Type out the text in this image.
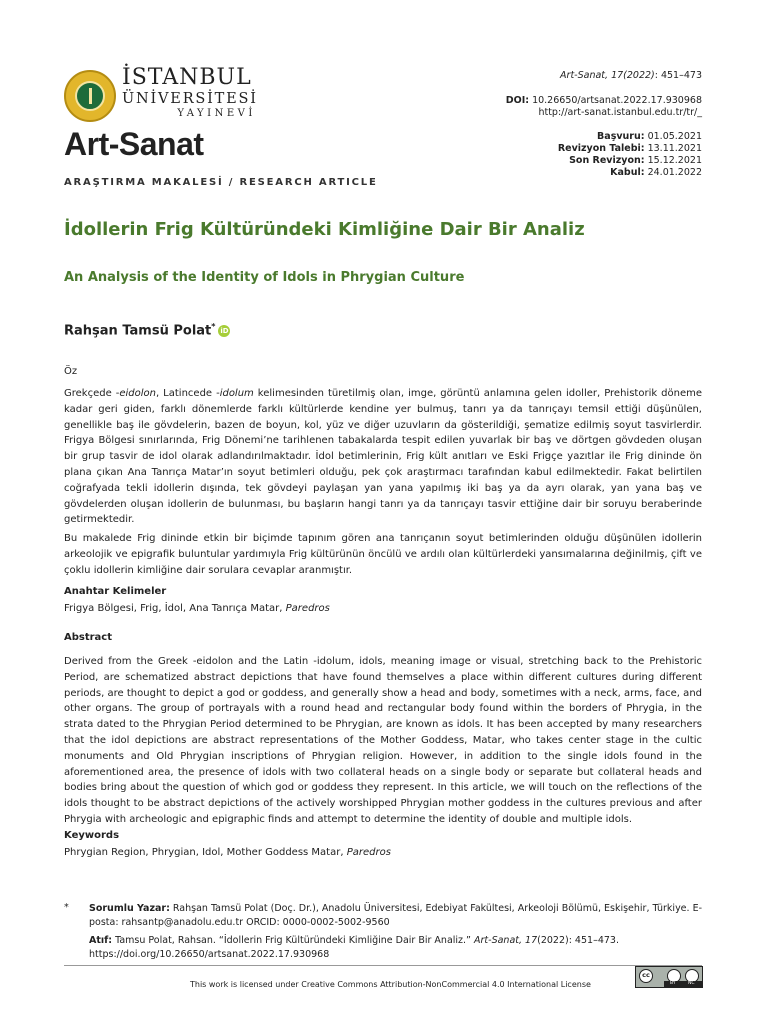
İSTANBUL
ÜNİVERSİTESİ
YAYINEVİ
Art-Sanat
ARAŞTIRMA MAKALESİ / RESEARCH ARTICLE
Art-Sanat, 17(2022): 451–473
DOI: 10.26650/artsanat.2022.17.930968
http://art-sanat.istanbul.edu.tr/tr/_
Başvuru: 01.05.2021
Revizyon Talebi: 13.11.2021
Son Revizyon: 15.12.2021
Kabul: 24.01.2022
İdollerin Frig Kültüründeki Kimliğine Dair Bir Analiz
An Analysis of the Identity of Idols in Phrygian Culture
Rahşan Tamsü Polat* iD
Öz
Grekçede -eidolon, Latincede -idolum kelimesinden türetilmiş olan, imge, görüntü anlamına gelen idoller, Prehistorik döneme kadar geri giden, farklı dönemlerde farklı kültürlerde kendine yer bulmuş, tanrı ya da tanrıçayı temsil ettiği düşünülen, genellikle baş ile gövdelerin, bazen de boyun, kol, yüz ve diğer uzuvların da gösterildiği, şematize edilmiş soyut tasvirlerdir. Frigya Bölgesi sınırlarında, Frig Dönemi’ne tarihlenen tabakalarda tespit edilen yuvarlak bir baş ve dörtgen gövdeden oluşan bir grup tasvir de idol olarak adlandırılmaktadır. İdol betimlerinin, Frig kült anıtları ve Eski Frigçe yazıtlar ile Frig dininde ön plana çıkan Ana Tanrıça Matar’ın soyut betimleri olduğu, pek çok araştırmacı tarafından kabul edilmektedir. Fakat belirtilen coğrafyada tekli idollerin dışında, tek gövdeyi paylaşan yan yana yapılmış iki baş ya da ayrı olarak, yan yana baş ve gövdelerden oluşan idollerin de bulunması, bu başların hangi tanrı ya da tanrıçayı tasvir ettiğine dair bir soruyu beraberinde getirmektedir.
Bu makalede Frig dininde etkin bir biçimde tapınım gören ana tanrıçanın soyut betimlerinden olduğu düşünülen idollerin arkeolojik ve epigrafik buluntular yardımıyla Frig kültürünün öncülü ve ardılı olan kültürlerdeki yansımalarına değinilmiş, çift ve çoklu idollerin kimliğine dair sorulara cevaplar aranmıştır.
Anahtar Kelimeler
Frigya Bölgesi, Frig, İdol, Ana Tanrıça Matar, Paredros
Abstract
Derived from the Greek -eidolon and the Latin -idolum, idols, meaning image or visual, stretching back to the Prehistoric Period, are schematized abstract depictions that have found themselves a place within different cultures during different periods, are thought to depict a god or goddess, and generally show a head and body, sometimes with a neck, arms, face, and other organs. The group of portrayals with a round head and rectangular body found within the borders of Phrygia, in the strata dated to the Phrygian Period determined to be Phrygian, are known as idols. It has been accepted by many researchers that the idol depictions are abstract representations of the Mother Goddess, Matar, who takes center stage in the cultic monuments and Old Phrygian inscriptions of Phrygian religion. However, in addition to the single idols found in the aforementioned area, the presence of idols with two collateral heads on a single body or separate but collateral heads and bodies bring about the question of which god or goddess they represent. In this article, we will touch on the reflections of the idols thought to be abstract depictions of the actively worshipped Phrygian mother goddess in the cultures previous and after Phrygia with archeologic and epigraphic finds and attempt to determine the identity of double and multiple idols.
Keywords
Phrygian Region, Phrygian, Idol, Mother Goddess Matar, Paredros
* Sorumlu Yazar: Rahşan Tamsü Polat (Doç. Dr.), Anadolu Üniversitesi, Edebiyat Fakültesi, Arkeoloji Bölümü, Eskişehir, Türkiye. E-posta: rahsantp@anadolu.edu.tr ORCID: 0000-0002-5002-9560
Atıf: Tamsu Polat, Rahsan. “İdollerin Frig Kültüründeki Kimliğine Dair Bir Analiz.” Art-Sanat, 17(2022): 451–473. https://doi.org/10.26650/artsanat.2022.17.930968
This work is licensed under Creative Commons Attribution-NonCommercial 4.0 International License
cc
BY	NC
